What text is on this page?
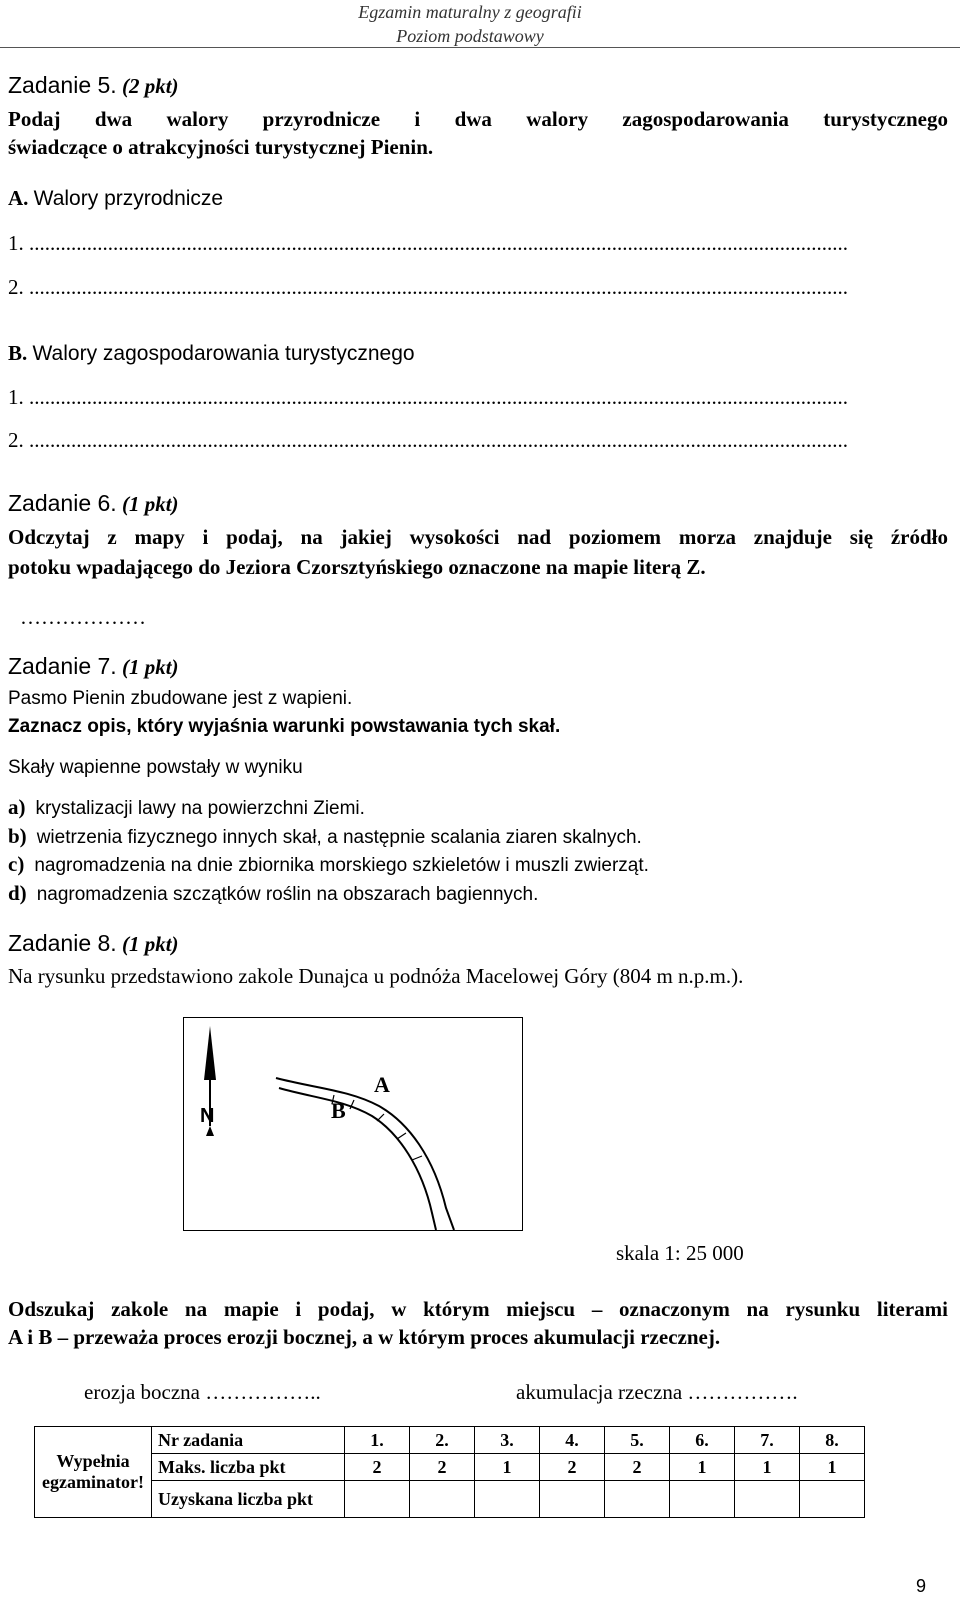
Egzamin maturalny z geografii
Poziom podstawowy
Zadanie 5. (2 pkt)
Podaj dwa walory przyrodnicze i dwa walory zagospodarowania turystycznego
świadczące o atrakcyjności turystycznej Pienin.
A. Walory przyrodnicze
1. ............................................................................................................................................................
2. ............................................................................................................................................................
B. Walory zagospodarowania turystycznego
1. ............................................................................................................................................................
2. ............................................................................................................................................................
Zadanie 6. (1 pkt)
Odczytaj z mapy i podaj, na jakiej wysokości nad poziomem morza znajduje się źródło
potoku wpadającego do Jeziora Czorsztyńskiego oznaczone na mapie literą Z.
………………
Zadanie 7. (1 pkt)
Pasmo Pienin zbudowane jest z wapieni.
Zaznacz opis, który wyjaśnia warunki powstawania tych skał.
Skały wapienne powstały w wyniku
a) krystalizacji lawy na powierzchni Ziemi.
b) wietrzenia fizycznego innych skał, a następnie scalania ziaren skalnych.
c) nagromadzenia na dnie zbiornika morskiego szkieletów i muszli zwierząt.
d) nagromadzenia szczątków roślin na obszarach bagiennych.
Zadanie 8. (1 pkt)
Na rysunku przedstawiono zakole Dunajca u podnóża Macelowej Góry (804 m n.p.m.).
N
A
B
skala 1: 25 000
Odszukaj zakole na mapie i podaj, w którym miejscu – oznaczonym na rysunku literami
A i B – przeważa proces erozji bocznej, a w którym proces akumulacji rzecznej.
erozja boczna ……………..	akumulacja rzeczna …………….
Wypełnia
egzaminator!	Nr zadania	1.	2.	3.	4.	5.	6.	7.	8.
	Maks. liczba pkt	2	2	1	2	2	1	1	1
	Uzyskana liczba pkt								
9
